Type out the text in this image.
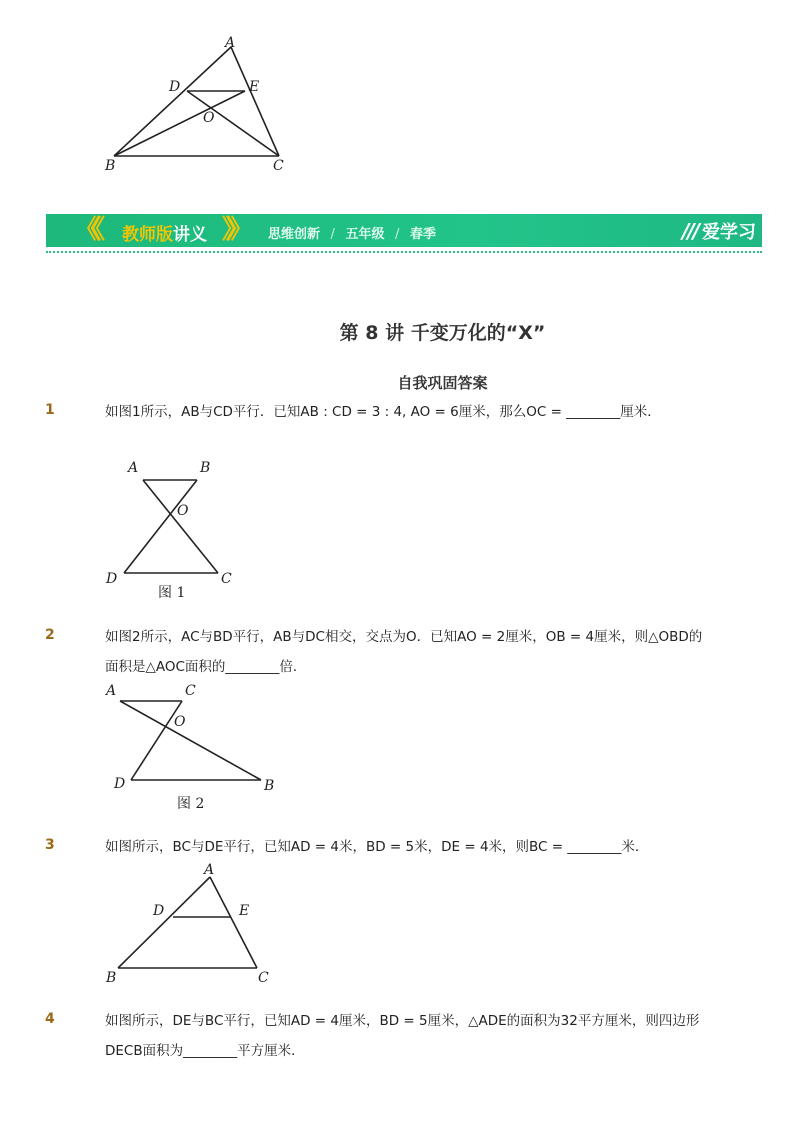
A
D	E
O
B	C
《《 教师版讲义 》》 思维创新 / 五年级 / 春季	/// 爱学习
第 8 讲 千变万化的“X”
自我巩固答案
1	如图1所示，AB与CD平行．已知AB : CD = 3 : 4, AO = 6厘米，那么OC = ________厘米．
A	B
O
D	C
图 1
2	如图2所示，AC与BD平行，AB与DC相交，交点为O．已知AO = 2厘米，OB = 4厘米，则△OBD的面积是△AOC面积的________倍．
A	C
O
D	B
图 2
3	如图所示，BC与DE平行，已知AD = 4米，BD = 5米，DE = 4米，则BC = ________米．
A
D	E
B	C
4	如图所示，DE与BC平行，已知AD = 4厘米，BD = 5厘米，△ADE的面积为32平方厘米，则四边形DECB面积为________平方厘米．
